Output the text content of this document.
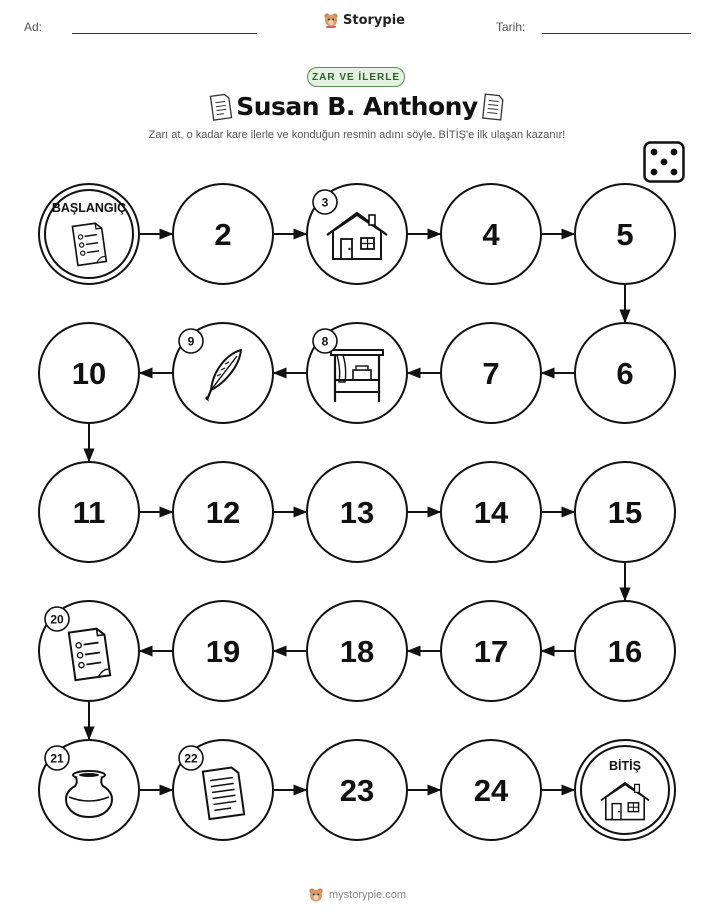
Ad:	Storypie	Tarih:
ZAR VE İLERLE
Susan B. Anthony
Zarı at, o kadar kare ilerle ve konduğun resmin adını söyle. BİTİŞ'e ilk ulaşan kazanır!
BAŞLANGIÇ
2
3
4	5
6
7
8
9
10
11	12	13	14	15
16
17
18
19
20
21	22
23	24
BİTİŞ
mystorypie.com
